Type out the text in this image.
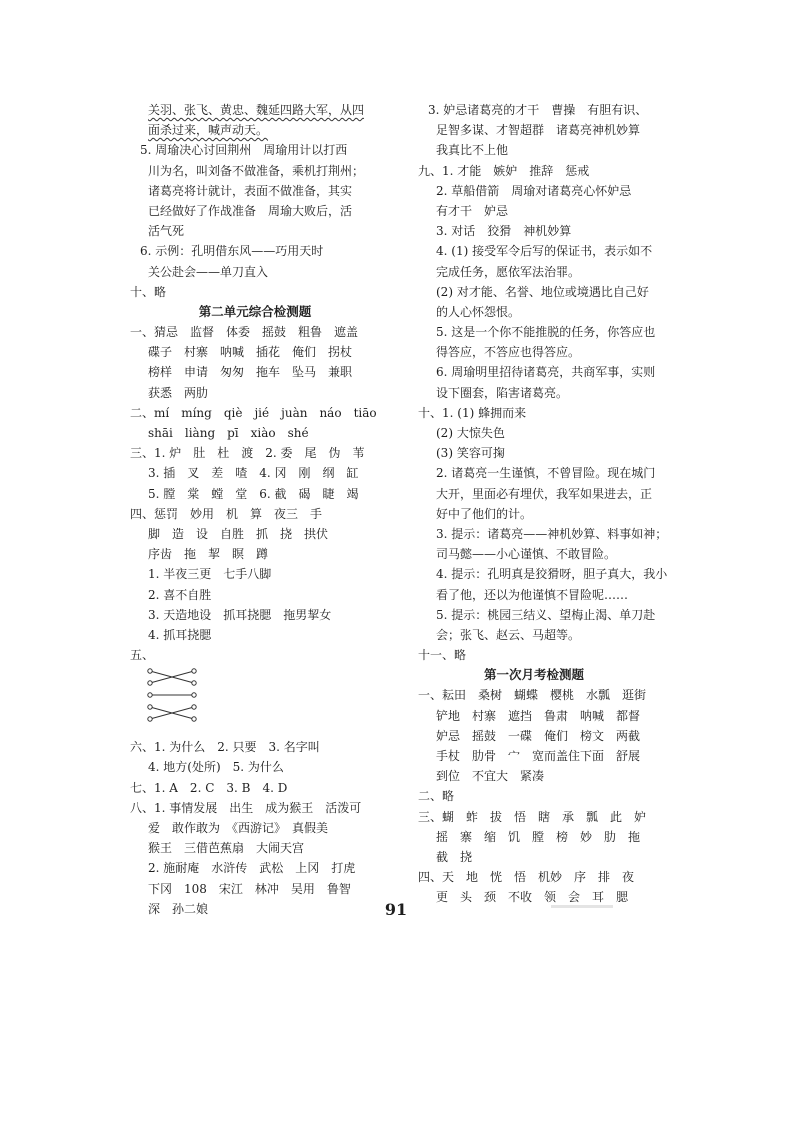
关羽、张飞、黄忠、魏延四路大军，从四
面杀过来，喊声动天。
5. 周瑜决心讨回荆州　周瑜用计以打西
川为名，叫刘备不做准备，乘机打荆州；
诸葛亮将计就计，表面不做准备，其实
已经做好了作战准备　周瑜大败后，活
活气死
6. 示例：孔明借东风——巧用天时
关公赴会——单刀直入
十、略
第二单元综合检测题
一、猜忌　监督　体委　摇鼓　粗鲁　遮盖
碟子　村寨　呐喊　插花　俺们　拐杖
榜样　申请　匆匆　拖车　坠马　兼职
获悉　两肋
二、mí　míng　qiè　jié　juàn　náo　tiāo
shāi　liàng　pī　xiào　shé
三、1. 炉　肚　杜　渡　2. 委　尾　伪　苇
3. 插　叉　差　喳　4. 冈　刚　纲　缸
5. 膛　棠　螳　堂　6. 截　碣　睫　竭
四、惩罚　妙用　机　算　夜三　手
脚　造　设　自胜　抓　挠　拱伏
序齿　拖　挈　瞑　蹲
1. 半夜三更　七手八脚
2. 喜不自胜
3. 天造地设　抓耳挠腮　拖男挈女
4. 抓耳挠腮
五、
六、1. 为什么　2. 只要　3. 名字叫
4. 地方(处所)　5. 为什么
七、1. A　2. C　3. B　4. D
八、1. 事情发展　出生　成为猴王　活泼可
爱　敢作敢为　《西游记》　真假美
猴王　三借芭蕉扇　大闹天宫
2. 施耐庵　水浒传　武松　上冈　打虎
下冈　108　宋江　林冲　吴用　鲁智
深　孙二娘
3. 妒忌诸葛亮的才干　曹操　有胆有识、
足智多谋、才智超群　诸葛亮神机妙算
我真比不上他
九、1. 才能　嫉妒　推辞　惩戒
2. 草船借箭　周瑜对诸葛亮心怀妒忌
有才干　妒忌
3. 对话　狡猾　神机妙算
4. (1) 接受军令后写的保证书，表示如不
完成任务，愿依军法治罪。
(2) 对才能、名誉、地位或境遇比自己好
的人心怀怨恨。
5. 这是一个你不能推脱的任务，你答应也
得答应，不答应也得答应。
6. 周瑜明里招待诸葛亮，共商军事，实则
设下圈套，陷害诸葛亮。
十、1. (1) 蜂拥而来
(2) 大惊失色
(3) 笑容可掬
2. 诸葛亮一生谨慎，不曾冒险。现在城门
大开，里面必有埋伏，我军如果进去，正
好中了他们的计。
3. 提示：诸葛亮——神机妙算、料事如神；
司马懿——小心谨慎、不敢冒险。
4. 提示：孔明真是狡猾呀，胆子真大，我小
看了他，还以为他谨慎不冒险呢……
5. 提示：桃园三结义、望梅止渴、单刀赴
会；张飞、赵云、马超等。
十一、略
第一次月考检测题
一、耘田　桑树　蝴蝶　樱桃　水瓢　逛街
铲地　村寨　遮挡　鲁肃　呐喊　都督
妒忌　摇鼓　一碟　俺们　榜文　两截
手杖　肋骨　宀　宽而盖住下面　舒展
到位　不宜大　紧凑
二、略
三、蝴　蚱　拔　悟　瞎　承　瓢　此　妒
摇　寨　缩　饥　膛　榜　妙　肋　拖
截　挠
四、天　地　恍　悟　机妙　序　排　夜
更　头　颈　不收　领　会　耳　腮
91
